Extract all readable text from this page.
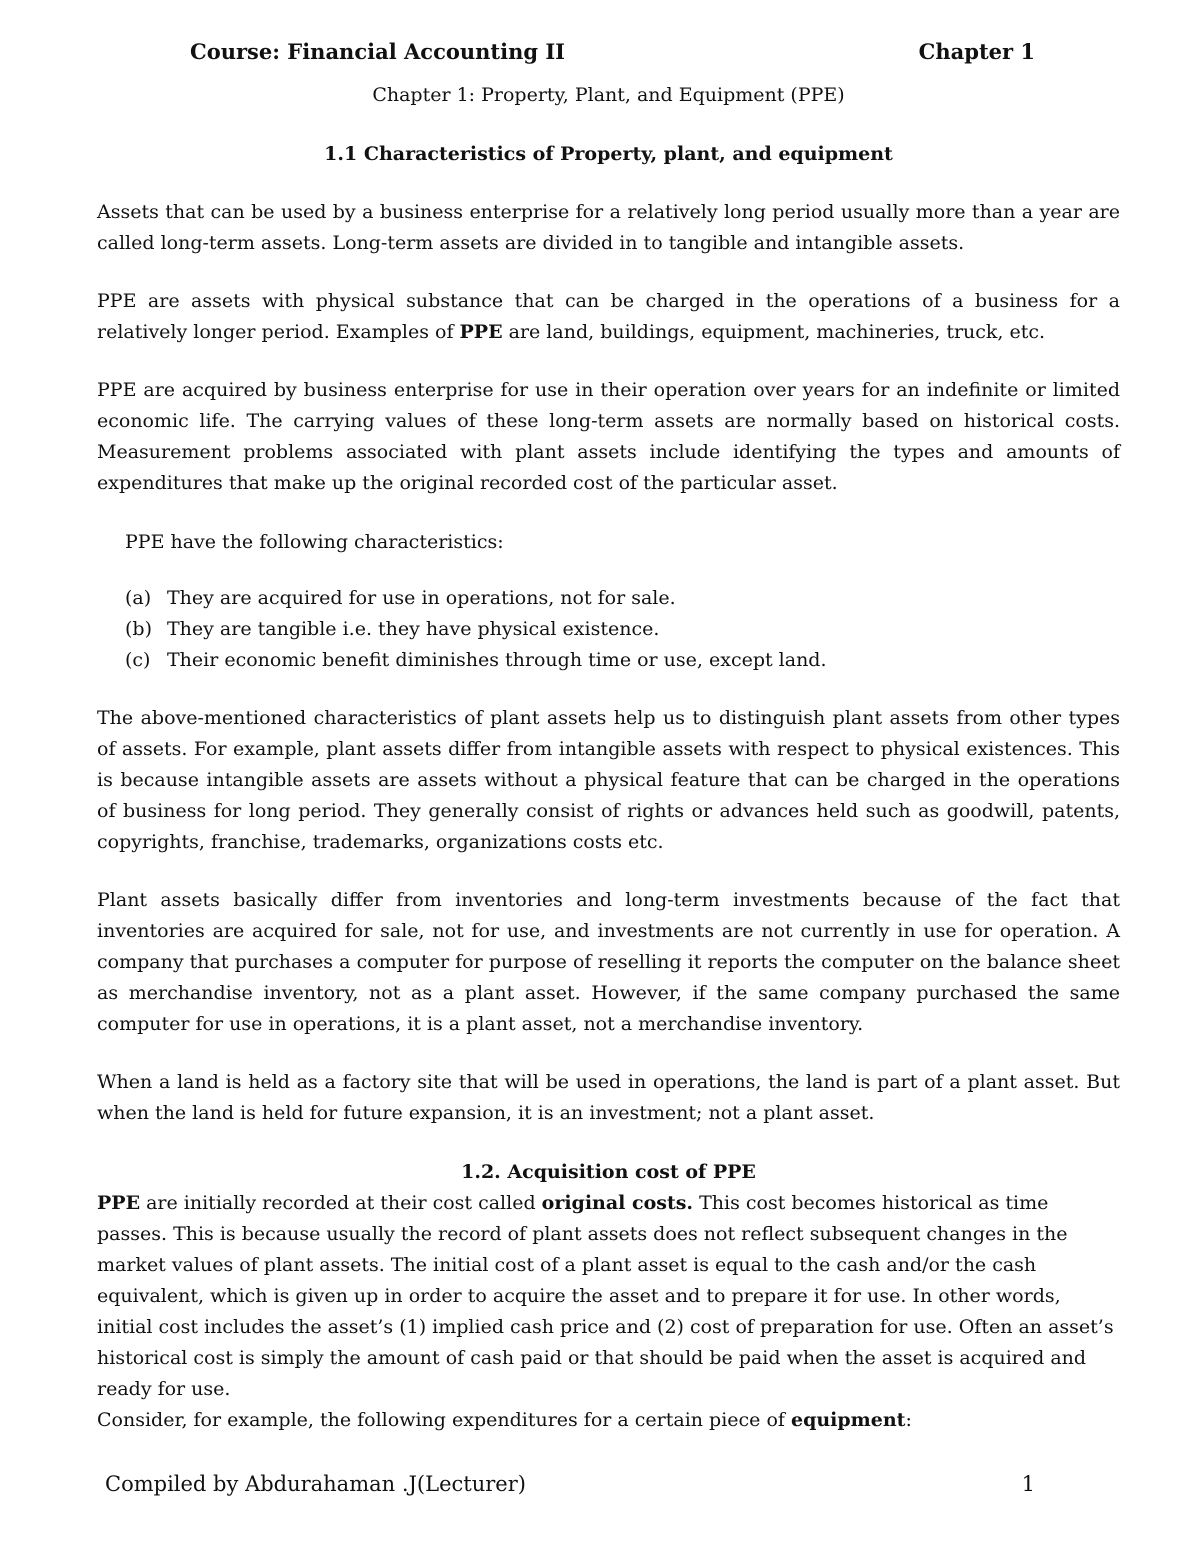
Course: Financial Accounting II	Chapter 1
Chapter 1: Property, Plant, and Equipment (PPE)
1.1 Characteristics of Property, plant, and equipment

Assets that can be used by a business enterprise for a relatively long period usually more than a year are called long-term assets. Long-term assets are divided in to tangible and intangible assets.

PPE are assets with physical substance that can be charged in the operations of a business for a relatively longer period. Examples of PPE are land, buildings, equipment, machineries, truck, etc.

PPE are acquired by business enterprise for use in their operation over years for an indefinite or limited economic life. The carrying values of these long-term assets are normally based on historical costs. Measurement problems associated with plant assets include identifying the types and amounts of expenditures that make up the original recorded cost of the particular asset.

PPE have the following characteristics:

(a) They are acquired for use in operations, not for sale.
(b) They are tangible i.e. they have physical existence.
(c) Their economic benefit diminishes through time or use, except land.

The above-mentioned characteristics of plant assets help us to distinguish plant assets from other types of assets. For example, plant assets differ from intangible assets with respect to physical existences. This is because intangible assets are assets without a physical feature that can be charged in the operations of business for long period. They generally consist of rights or advances held such as goodwill, patents, copyrights, franchise, trademarks, organizations costs etc.

Plant assets basically differ from inventories and long-term investments because of the fact that inventories are acquired for sale, not for use, and investments are not currently in use for operation. A company that purchases a computer for purpose of reselling it reports the computer on the balance sheet as merchandise inventory, not as a plant asset. However, if the same company purchased the same computer for use in operations, it is a plant asset, not a merchandise inventory.

When a land is held as a factory site that will be used in operations, the land is part of a plant asset. But when the land is held for future expansion, it is an investment; not a plant asset.

1.2. Acquisition cost of PPE

PPE are initially recorded at their cost called original costs. This cost becomes historical as time passes. This is because usually the record of plant assets does not reflect subsequent changes in the market values of plant assets. The initial cost of a plant asset is equal to the cash and/or the cash equivalent, which is given up in order to acquire the asset and to prepare it for use. In other words, initial cost includes the asset’s (1) implied cash price and (2) cost of preparation for use. Often an asset’s historical cost is simply the amount of cash paid or that should be paid when the asset is acquired and ready for use.

Consider, for example, the following expenditures for a certain piece of equipment:

Compiled by Abdurahaman .J(Lecturer)	1
